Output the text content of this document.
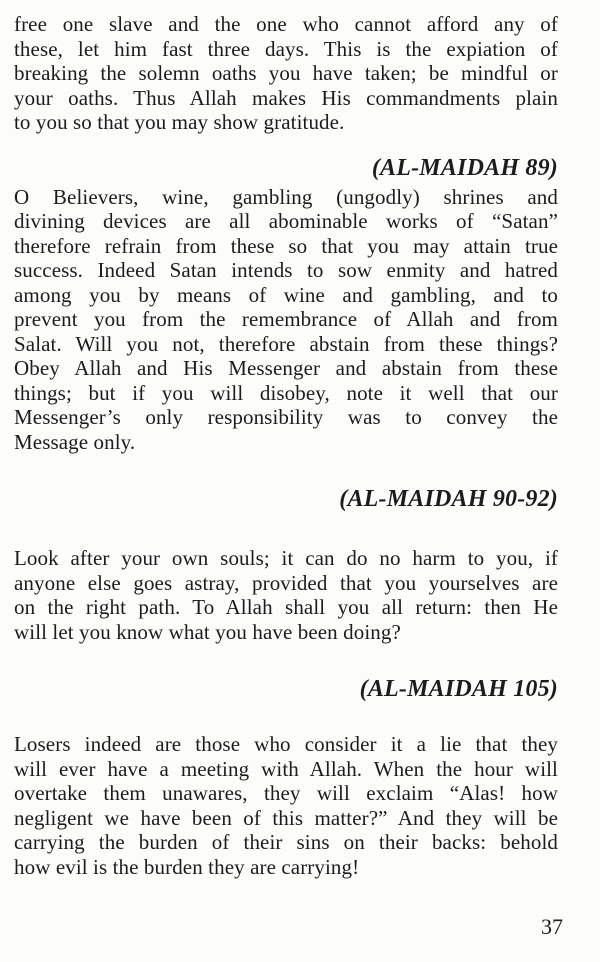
free one slave and the one who cannot afford any of
these, let him fast three days. This is the expiation of
breaking the solemn oaths you have taken; be mindful or
your oaths. Thus Allah makes His commandments plain
to you so that you may show gratitude.
(AL-MAIDAH 89)
O Believers, wine, gambling (ungodly) shrines and
divining devices are all abominable works of “Satan”
therefore refrain from these so that you may attain true
success. Indeed Satan intends to sow enmity and hatred
among you by means of wine and gambling, and to
prevent you from the remembrance of Allah and from
Salat. Will you not, therefore abstain from these things?
Obey Allah and His Messenger and abstain from these
things; but if you will disobey, note it well that our
Messenger’s only responsibility was to convey the
Message only.
(AL-MAIDAH 90-92)
Look after your own souls; it can do no harm to you, if
anyone else goes astray, provided that you yourselves are
on the right path. To Allah shall you all return: then He
will let you know what you have been doing?
(AL-MAIDAH 105)
Losers indeed are those who consider it a lie that they
will ever have a meeting with Allah. When the hour will
overtake them unawares, they will exclaim “Alas! how
negligent we have been of this matter?” And they will be
carrying the burden of their sins on their backs: behold
how evil is the burden they are carrying!
37
